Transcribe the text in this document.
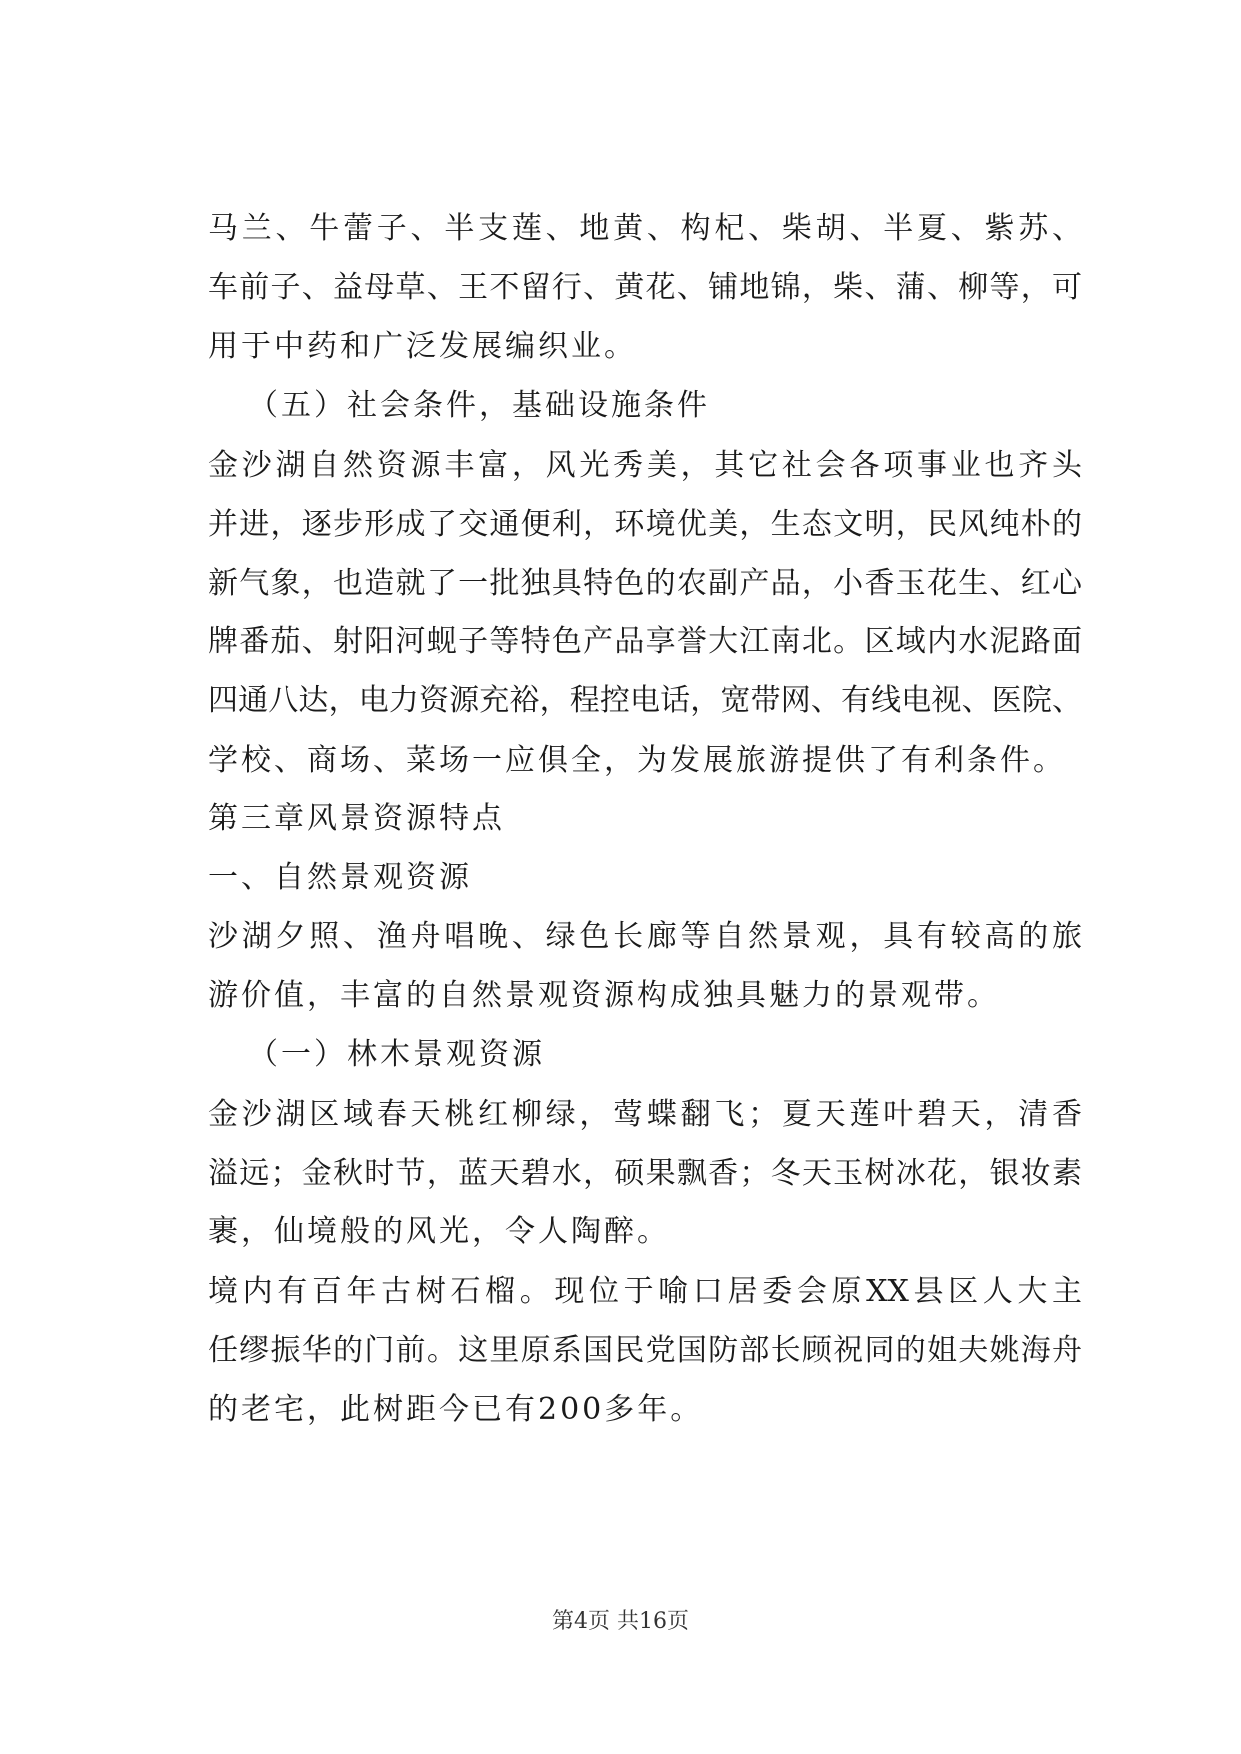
马兰、牛蕾子、半支莲、地黄、构杞、柴胡、半夏、紫苏、
车前子、益母草、王不留行、黄花、铺地锦，柴、蒲、柳等，可
用于中药和广泛发展编织业。
（五）社会条件，基础设施条件
金沙湖自然资源丰富，风光秀美，其它社会各项事业也齐头
并进，逐步形成了交通便利，环境优美，生态文明，民风纯朴的
新气象，也造就了一批独具特色的农副产品，小香玉花生、红心
牌番茄、射阳河蚬子等特色产品享誉大江南北。区域内水泥路面
四通八达，电力资源充裕，程控电话，宽带网、有线电视、医院、
学校、商场、菜场一应俱全，为发展旅游提供了有利条件。
第三章风景资源特点
一、自然景观资源
沙湖夕照、渔舟唱晚、绿色长廊等自然景观，具有较高的旅
游价值，丰富的自然景观资源构成独具魅力的景观带。
（一）林木景观资源
金沙湖区域春天桃红柳绿，莺蝶翻飞；夏天莲叶碧天，清香
溢远；金秋时节，蓝天碧水，硕果飘香；冬天玉树冰花，银妆素
裹，仙境般的风光，令人陶醉。
境内有百年古树石榴。现位于喻口居委会原XX县区人大主
任缪振华的门前。这里原系国民党国防部长顾祝同的姐夫姚海舟
的老宅，此树距今已有200多年。
第4页 共16页
